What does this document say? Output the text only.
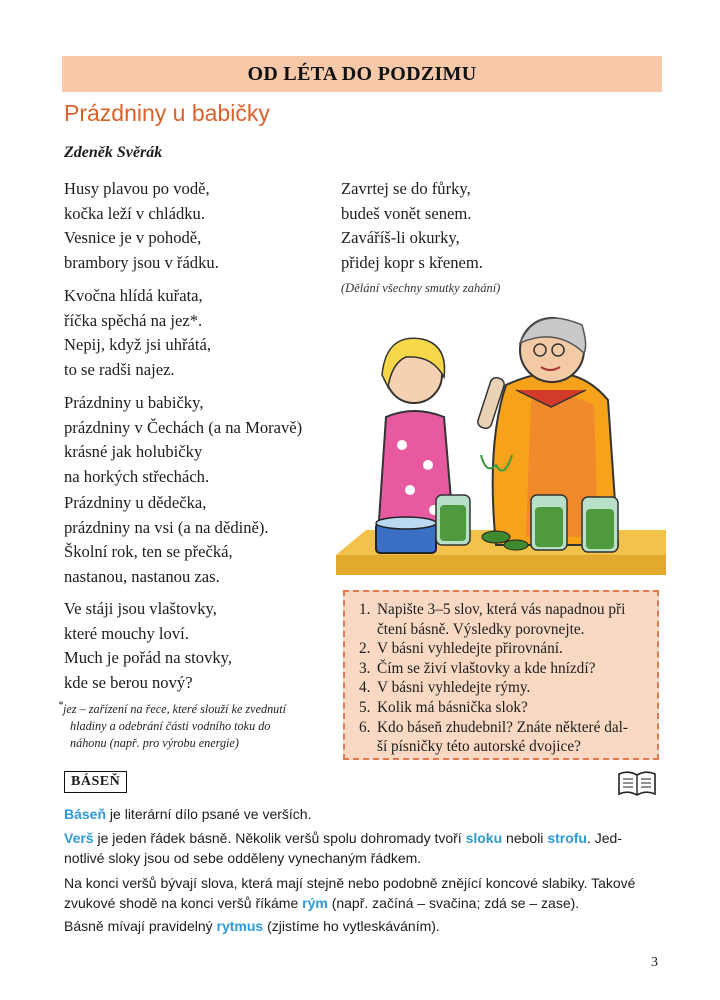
OD LÉTA DO PODZIMU
Prázdniny u babičky
Zdeněk Svěrák
Husy plavou po vodě,
kočka leží v chládku.
Vesnice je v pohodě,
brambory jsou v řádku.
Kvočna hlídá kuřata,
říčka spěchá na jez*.
Nepij, když jsi uhřátá,
to se radši najez.
Prázdniny u babičky,
prázdniny v Čechách (a na Moravě)
krásné jak holubičky
na horkých střechách.
Prázdniny u dědečka,
prázdniny na vsi (a na dědině).
Školní rok, ten se přečká,
nastanou, nastanou zas.
Ve stáji jsou vlaštovky,
které mouchy loví.
Much je pořád na stovky,
kde se berou nový?
Zavrtej se do fůrky,
budeš vonět senem.
Zaváříš-li okurky,
přidej kopr s křenem.
(Dělání všechny smutky zahání)
*jez – zařízení na řece, které slouží ke zvednutí
hladiny a odebrání části vodního toku do
náhonu (např. pro výrobu energie)
1. Napište 3–5 slov, která vás napadnou při
čtení básně. Výsledky porovnejte.
2. V básni vyhledejte přirovnání.
3. Čím se živí vlaštovky a kde hnízdí?
4. V básni vyhledejte rýmy.
5. Kolik má básnička slok?
6. Kdo báseň zhudebnil? Znáte některé dal-
ší písničky této autorské dvojice?
BÁSEŇ
Báseň je literární dílo psané ve verších.
Verš je jeden řádek básně. Několik veršů spolu dohromady tvoří sloku neboli strofu. Jed-
notlivé sloky jsou od sebe odděleny vynechaným řádkem.
Na konci veršů bývají slova, která mají stejně nebo podobně znějící koncové slabiky. Takové
zvukové shodě na konci veršů říkáme rým (např. začíná – svačina; zdá se – zase).
Básně mívají pravidelný rytmus (zjistíme ho vytleskáváním).
3
